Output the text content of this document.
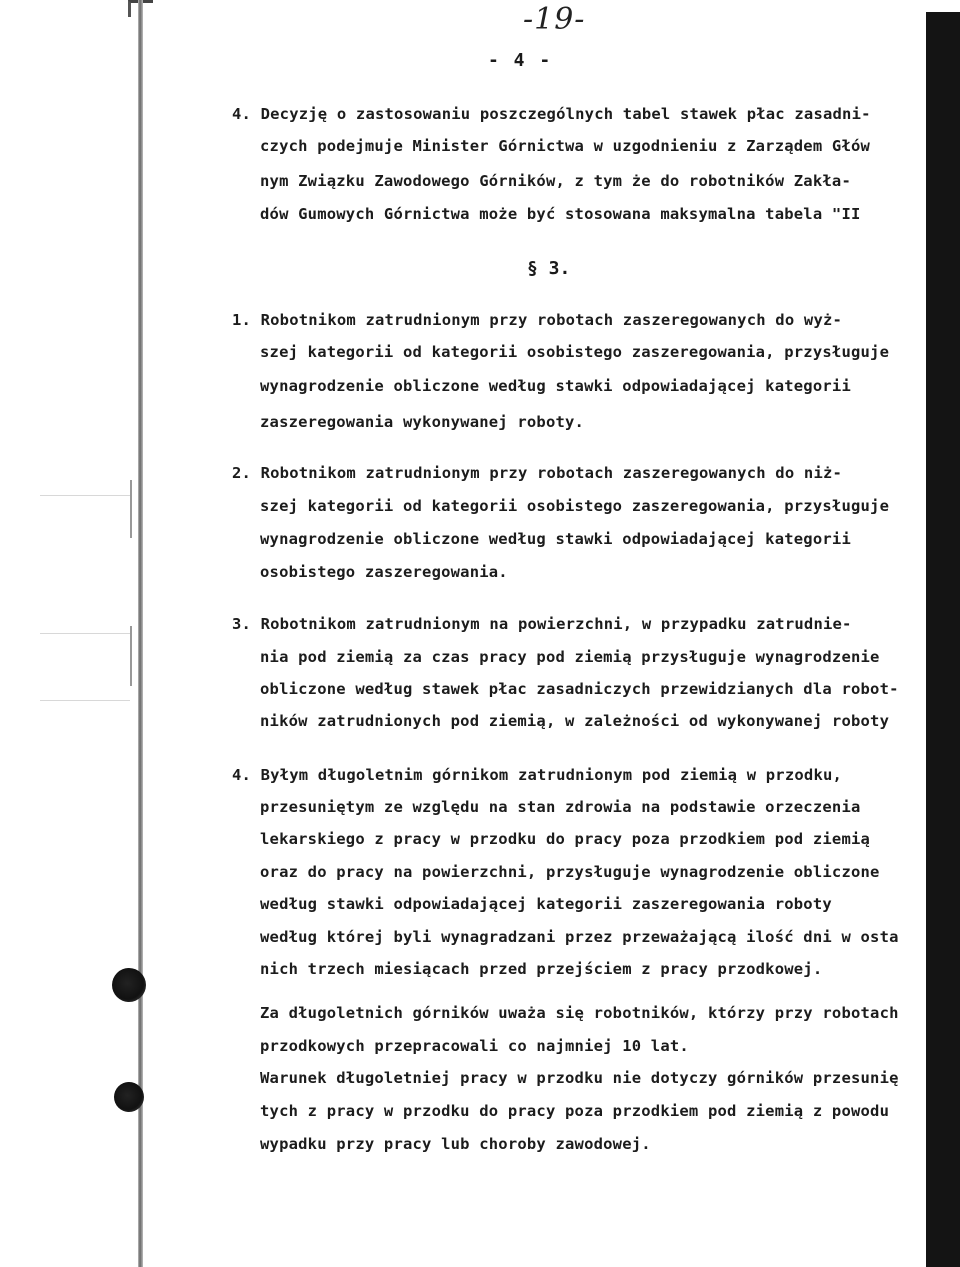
-19-
- 4 -
4. Decyzję o zastosowaniu poszczególnych tabel stawek płac zasadni-
czych podejmuje Minister Górnictwa w uzgodnieniu z Zarządem Głów
nym Związku Zawodowego Górników, z tym że do robotników Zakła-
dów Gumowych Górnictwa może być stosowana maksymalna tabela "II
§ 3.
1. Robotnikom zatrudnionym przy robotach zaszeregowanych do wyż-
szej kategorii od kategorii osobistego zaszeregowania, przysługuje
wynagrodzenie obliczone według stawki odpowiadającej kategorii
zaszeregowania wykonywanej roboty.
2. Robotnikom zatrudnionym przy robotach zaszeregowanych do niż-
szej kategorii od kategorii osobistego zaszeregowania, przysługuje
wynagrodzenie obliczone według stawki odpowiadającej kategorii
osobistego zaszeregowania.
3. Robotnikom zatrudnionym na powierzchni, w przypadku zatrudnie-
nia pod ziemią za czas pracy pod ziemią przysługuje wynagrodzenie
obliczone według stawek płac zasadniczych przewidzianych dla robot-
ników zatrudnionych pod ziemią, w zależności od wykonywanej roboty
4. Byłym długoletnim górnikom zatrudnionym pod ziemią w przodku,
przesuniętym ze względu na stan zdrowia na podstawie orzeczenia
lekarskiego z pracy w przodku do pracy poza przodkiem pod ziemią
oraz do pracy na powierzchni, przysługuje wynagrodzenie obliczone
według stawki odpowiadającej kategorii zaszeregowania roboty
według której byli wynagradzani przez przeważającą ilość dni w osta
nich trzech miesiącach przed przejściem z pracy przodkowej.
Za długoletnich górników uważa się robotników, którzy przy robotach
przodkowych przepracowali co najmniej 10 lat.
Warunek długoletniej pracy w przodku nie dotyczy górników przesunię
tych z pracy w przodku do pracy poza przodkiem pod ziemią z powodu
wypadku przy pracy lub choroby zawodowej.
